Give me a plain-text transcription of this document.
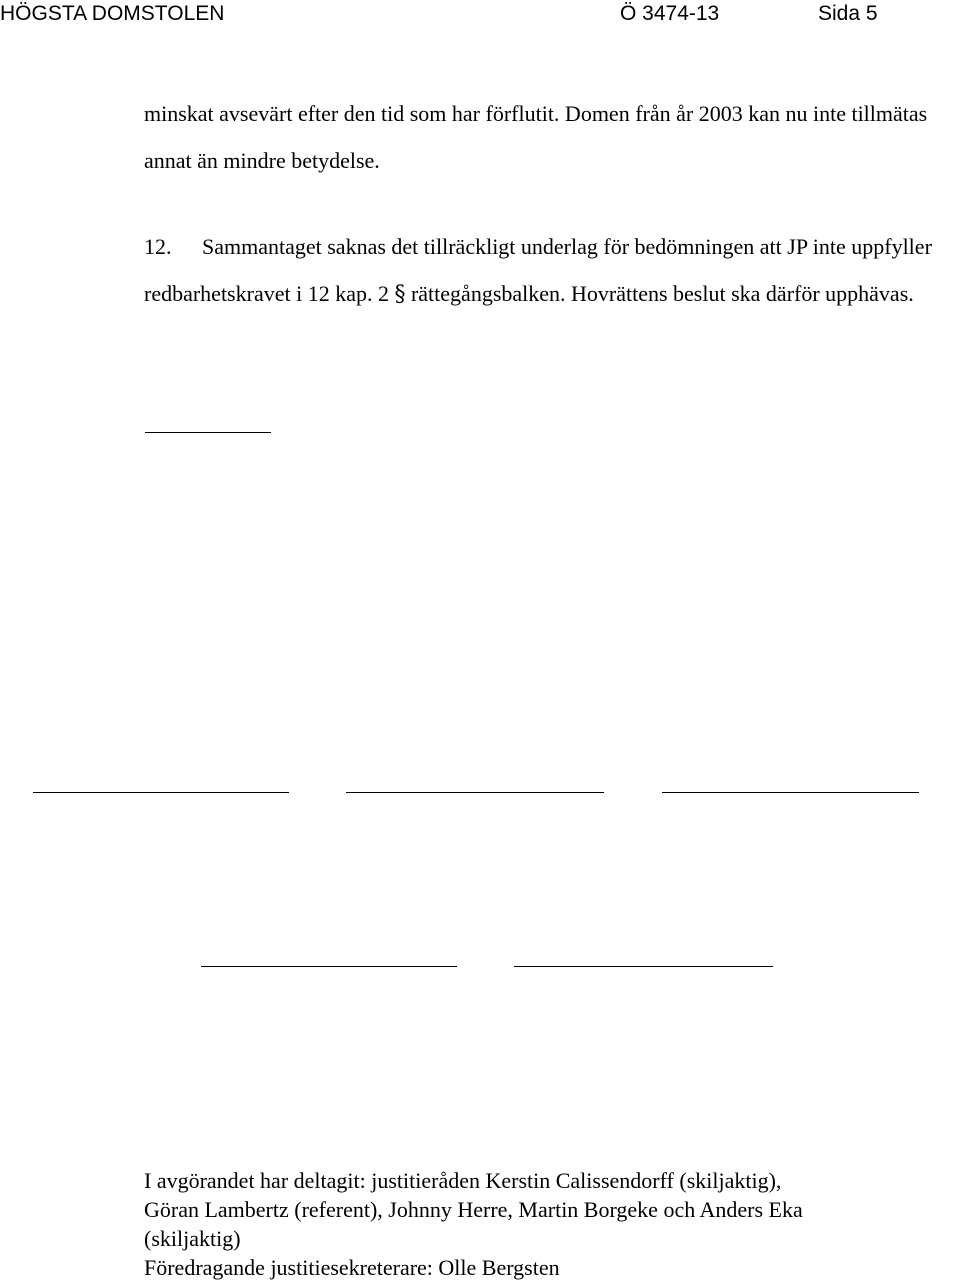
HÖGSTA DOMSTOLEN	Ö 3474-13	Sida 5

minskat avsevärt efter den tid som har förflutit. Domen från år 2003 kan nu inte tillmätas annat än mindre betydelse.

12. Sammantaget saknas det tillräckligt underlag för bedömningen att JP inte uppfyller redbarhetskravet i 12 kap. 2 § rättegångsbalken. Hovrättens beslut ska därför upphävas.

I avgörandet har deltagit: justitieråden Kerstin Calissendorff (skiljaktig),
Göran Lambertz (referent), Johnny Herre, Martin Borgeke och Anders Eka
(skiljaktig)
Föredragande justitiesekreterare: Olle Bergsten
